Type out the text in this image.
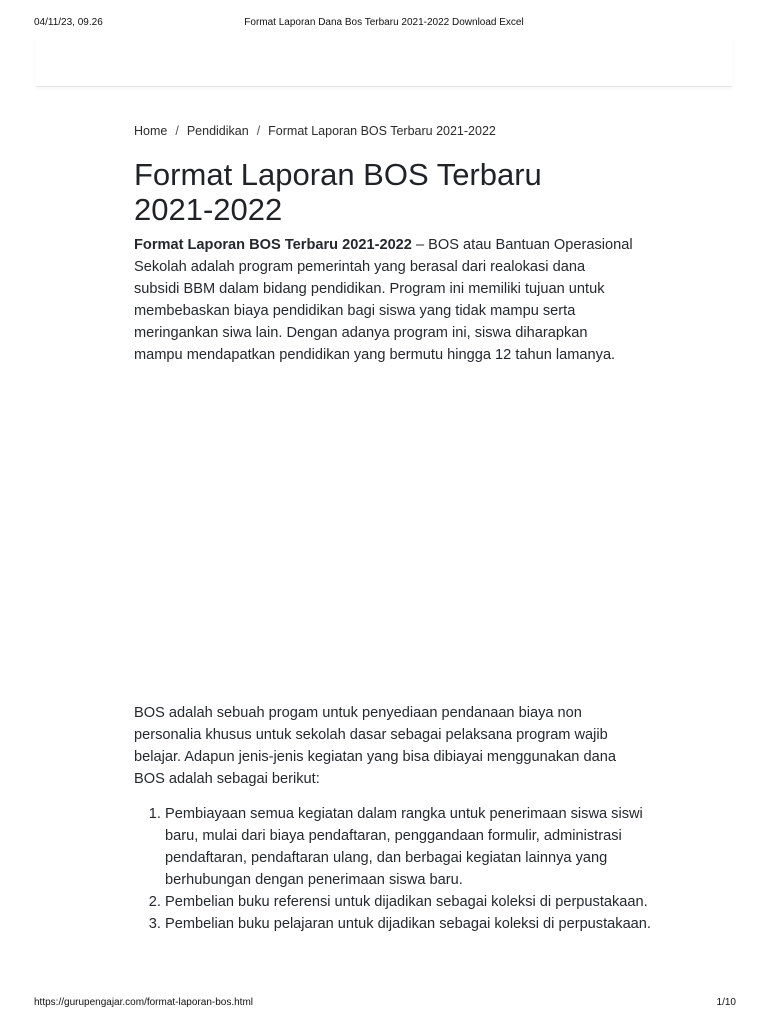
04/11/23, 09.26	Format Laporan Dana Bos Terbaru 2021-2022 Download Excel
Home / Pendidikan / Format Laporan BOS Terbaru 2021-2022
Format Laporan BOS Terbaru 2021-2022

Format Laporan BOS Terbaru 2021-2022 – BOS atau Bantuan Operasional Sekolah adalah program pemerintah yang berasal dari realokasi dana subsidi BBM dalam bidang pendidikan. Program ini memiliki tujuan untuk membebaskan biaya pendidikan bagi siswa yang tidak mampu serta meringankan siwa lain. Dengan adanya program ini, siswa diharapkan mampu mendapatkan pendidikan yang bermutu hingga 12 tahun lamanya.

BOS adalah sebuah progam untuk penyediaan pendanaan biaya non personalia khusus untuk sekolah dasar sebagai pelaksana program wajib belajar. Adapun jenis-jenis kegiatan yang bisa dibiayai menggunakan dana BOS adalah sebagai berikut:

1. Pembiayaan semua kegiatan dalam rangka untuk penerimaan siswa siswi baru, mulai dari biaya pendaftaran, penggandaan formulir, administrasi pendaftaran, pendaftaran ulang, dan berbagai kegiatan lainnya yang berhubungan dengan penerimaan siswa baru.
2. Pembelian buku referensi untuk dijadikan sebagai koleksi di perpustakaan.
3. Pembelian buku pelajaran untuk dijadikan sebagai koleksi di perpustakaan.
https://gurupengajar.com/format-laporan-bos.html	1/10
